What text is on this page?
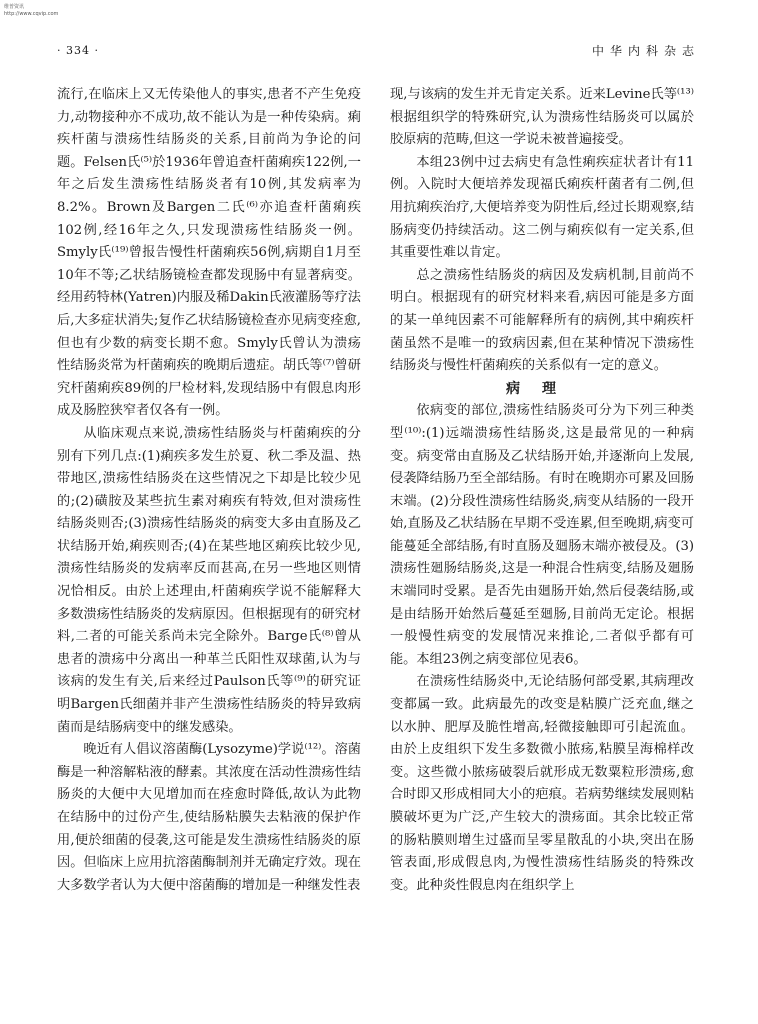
维普资讯 http://www.cqvip.com
· 334 ·	中华内科杂志

流行,在临床上又无传染他人的事实,患者不产生免疫力,动物接种亦不成功,故不能认为是一种传染病。痢疾杆菌与溃疡性结肠炎的关系,目前尚为争论的问题。Felsen氏⁽⁵⁾於1936年曾追查杆菌痢疾122例,一年之后发生溃疡性结肠炎者有10例,其发病率为8.2%。Brown及Bargen二氏⁽⁶⁾亦追查杆菌痢疾102例,经16年之久,只发现溃疡性结肠炎一例。Smyly氏⁽¹⁹⁾曾报告慢性杆菌痢疾56例,病期自1月至10年不等;乙状结肠镜检查都发现肠中有显著病变。经用药特林(Yatren)内服及稀Dakin氏液灌肠等疗法后,大多症状消失;复作乙状结肠镜检查亦见病变痊愈,但也有少数的病变长期不愈。Smyly氏曾认为溃疡性结肠炎常为杆菌痢疾的晚期后遗症。胡氏等⁽⁷⁾曾研究杆菌痢疾89例的尸检材料,发现结肠中有假息肉形成及肠腔狭窄者仅各有一例。

从临床观点来说,溃疡性结肠炎与杆菌痢疾的分别有下列几点:(1)痢疾多发生於夏、秋二季及温、热带地区,溃疡性结肠炎在这些情况之下却是比较少见的;(2)磺胺及某些抗生素对痢疾有特效,但对溃疡性结肠炎则否;(3)溃疡性结肠炎的病变大多由直肠及乙状结肠开始,痢疾则否;(4)在某些地区痢疾比较少见,溃疡性结肠炎的发病率反而甚高,在另一些地区则情况恰相反。由於上述理由,杆菌痢疾学说不能解释大多数溃疡性结肠炎的发病原因。但根据现有的研究材料,二者的可能关系尚未完全除外。Barge氏⁽⁸⁾曾从患者的溃疡中分离出一种革兰氏阳性双球菌,认为与该病的发生有关,后来经过Paulson氏等⁽⁹⁾的研究证明Bargen氏细菌并非产生溃疡性结肠炎的特异致病菌而是结肠病变中的继发感染。

晚近有人倡议溶菌酶(Lysozyme)学说⁽¹²⁾。溶菌酶是一种溶解粘液的酵素。其浓度在活动性溃疡性结肠炎的大便中大见增加而在痊愈时降低,故认为此物在结肠中的过份产生,使结肠粘膜失去粘液的保护作用,便於细菌的侵袭,这可能是发生溃疡性结肠炎的原因。但临床上应用抗溶菌酶制剂并无确定疗效。现在大多数学者认为大便中溶菌酶的增加是一种继发性表

现,与该病的发生并无肯定关系。近来Levine氏等⁽¹³⁾根据组织学的特殊研究,认为溃疡性结肠炎可以属於胶原病的范畴,但这一学说未被普遍接受。

本组23例中过去病史有急性痢疾症状者计有11例。入院时大便培养发现福氏痢疾杆菌者有二例,但用抗痢疾治疗,大便培养变为阴性后,经过长期观察,结肠病变仍持续活动。这二例与痢疾似有一定关系,但其重要性难以肯定。

总之溃疡性结肠炎的病因及发病机制,目前尚不明白。根据现有的研究材料来看,病因可能是多方面的某一单纯因素不可能解释所有的病例,其中痢疾杆菌虽然不是唯一的致病因素,但在某种情况下溃疡性结肠炎与慢性杆菌痢疾的关系似有一定的意义。

病理

依病变的部位,溃疡性结肠炎可分为下列三种类型⁽¹⁰⁾:(1)远端溃疡性结肠炎,这是最常见的一种病变。病变常由直肠及乙状结肠开始,并逐渐向上发展,侵袭降结肠乃至全部结肠。有时在晚期亦可累及回肠末端。(2)分段性溃疡性结肠炎,病变从结肠的一段开始,直肠及乙状结肠在早期不受连累,但至晚期,病变可能蔓延全部结肠,有时直肠及廻肠末端亦被侵及。(3)溃疡性廻肠结肠炎,这是一种混合性病变,结肠及廻肠末端同时受累。是否先由廻肠开始,然后侵袭结肠,或是由结肠开始然后蔓延至廻肠,目前尚无定论。根据一般慢性病变的发展情况来推论,二者似乎都有可能。本组23例之病变部位见表6。

在溃疡性结肠炎中,无论结肠何部受累,其病理改变都属一致。此病最先的改变是粘膜广泛充血,继之以水肿、肥厚及脆性增高,轻微接触即可引起流血。由於上皮组织下发生多数微小脓疡,粘膜呈海棉样改变。这些微小脓疡破裂后就形成无数粟粒形溃疡,愈合时即又形成相同大小的疤痕。若病势继续发展则粘膜破坏更为广泛,产生较大的溃疡面。其余比较正常的肠粘膜则增生过盛而呈零星散乱的小块,突出在肠管表面,形成假息肉,为慢性溃疡性结肠炎的特殊改变。此种炎性假息肉在组织学上
